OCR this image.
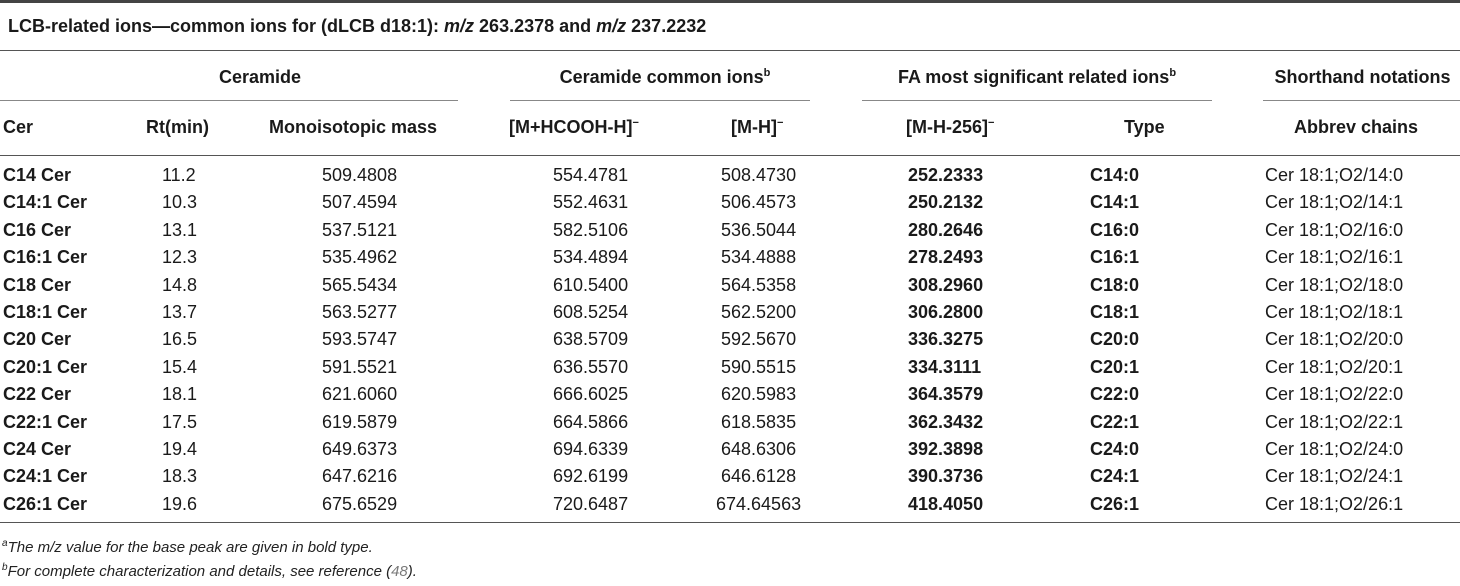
LCB-related ions—common ions for (dLCB d18:1): m/z 263.2378 and m/z 237.2232
Ceramide	Ceramide common ions$^b$	FA most significant related ions$^b$	Shorthand notations
Cer	Rt(min)	Monoisotopic mass	[M+HCOOH-H]−	[M-H]−	[M-H-256]−	Type	Abbrev chains
C14 Cer	11.2	509.4808	554.4781	508.4730	252.2333	C14:0	Cer 18:1;O2/14:0
C14:1 Cer	10.3	507.4594	552.4631	506.4573	250.2132	C14:1	Cer 18:1;O2/14:1
C16 Cer	13.1	537.5121	582.5106	536.5044	280.2646	C16:0	Cer 18:1;O2/16:0
C16:1 Cer	12.3	535.4962	534.4894	534.4888	278.2493	C16:1	Cer 18:1;O2/16:1
C18 Cer	14.8	565.5434	610.5400	564.5358	308.2960	C18:0	Cer 18:1;O2/18:0
C18:1 Cer	13.7	563.5277	608.5254	562.5200	306.2800	C18:1	Cer 18:1;O2/18:1
C20 Cer	16.5	593.5747	638.5709	592.5670	336.3275	C20:0	Cer 18:1;O2/20:0
C20:1 Cer	15.4	591.5521	636.5570	590.5515	334.3111	C20:1	Cer 18:1;O2/20:1
C22 Cer	18.1	621.6060	666.6025	620.5983	364.3579	C22:0	Cer 18:1;O2/22:0
C22:1 Cer	17.5	619.5879	664.5866	618.5835	362.3432	C22:1	Cer 18:1;O2/22:1
C24 Cer	19.4	649.6373	694.6339	648.6306	392.3898	C24:0	Cer 18:1;O2/24:0
C24:1 Cer	18.3	647.6216	692.6199	646.6128	390.3736	C24:1	Cer 18:1;O2/24:1
C26:1 Cer	19.6	675.6529	720.6487	674.64563	418.4050	C26:1	Cer 18:1;O2/26:1
$^a$The m/z value for the base peak are given in bold type.
$^b$For complete characterization and details, see reference (48).
